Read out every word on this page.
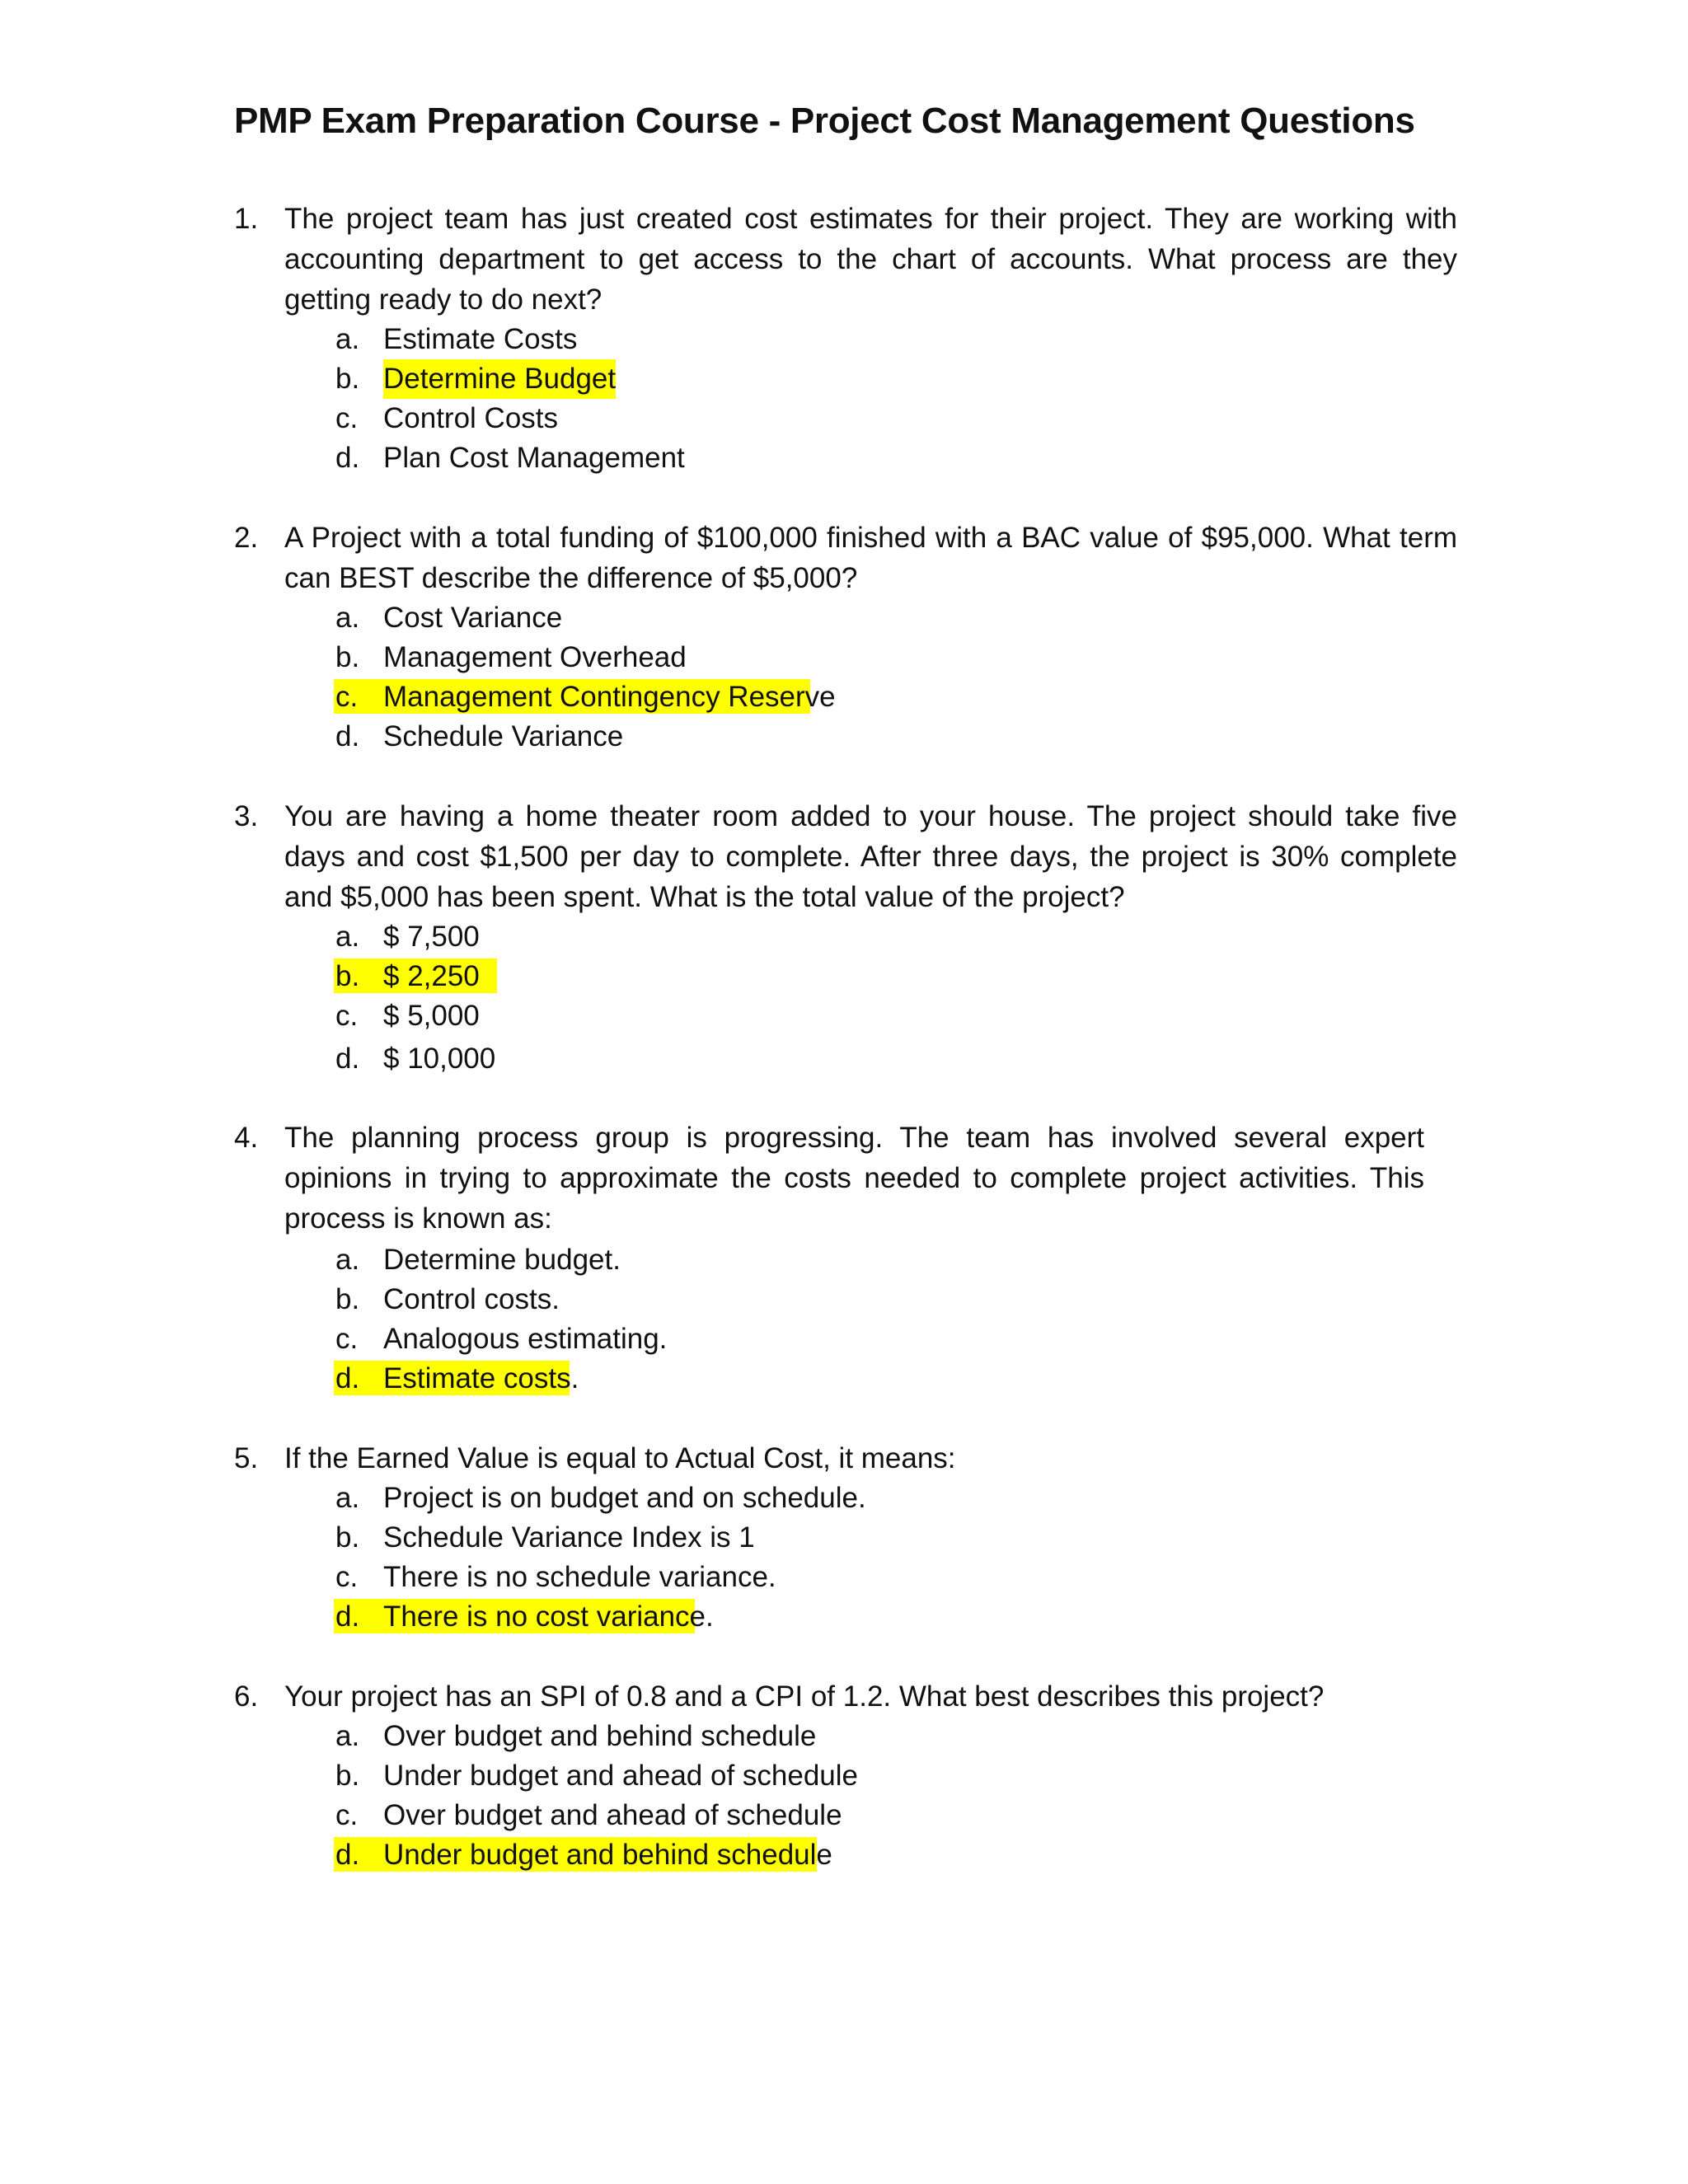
PMP Exam Preparation Course - Project Cost Management Questions
1. The project team has just created cost estimates for their project. They are working with accounting department to get access to the chart of accounts. What process are they getting ready to do next?
a. Estimate Costs
b. Determine Budget
c. Control Costs
d. Plan Cost Management
2. A Project with a total funding of $100,000 finished with a BAC value of $95,000. What term can BEST describe the difference of $5,000?
a. Cost Variance
b. Management Overhead
c. Management Contingency Reserve
d. Schedule Variance
3. You are having a home theater room added to your house. The project should take five days and cost $1,500 per day to complete. After three days, the project is 30% complete and $5,000 has been spent. What is the total value of the project?
a. $ 7,500
b. $ 2,250
c. $ 5,000
d. $ 10,000
4. The planning process group is progressing. The team has involved several expert opinions in trying to approximate the costs needed to complete project activities. This process is known as:
a. Determine budget.
b. Control costs.
c. Analogous estimating.
d. Estimate costs.
5. If the Earned Value is equal to Actual Cost, it means:
a. Project is on budget and on schedule.
b. Schedule Variance Index is 1
c. There is no schedule variance.
d. There is no cost variance.
6. Your project has an SPI of 0.8 and a CPI of 1.2. What best describes this project?
a. Over budget and behind schedule
b. Under budget and ahead of schedule
c. Over budget and ahead of schedule
d. Under budget and behind schedule
